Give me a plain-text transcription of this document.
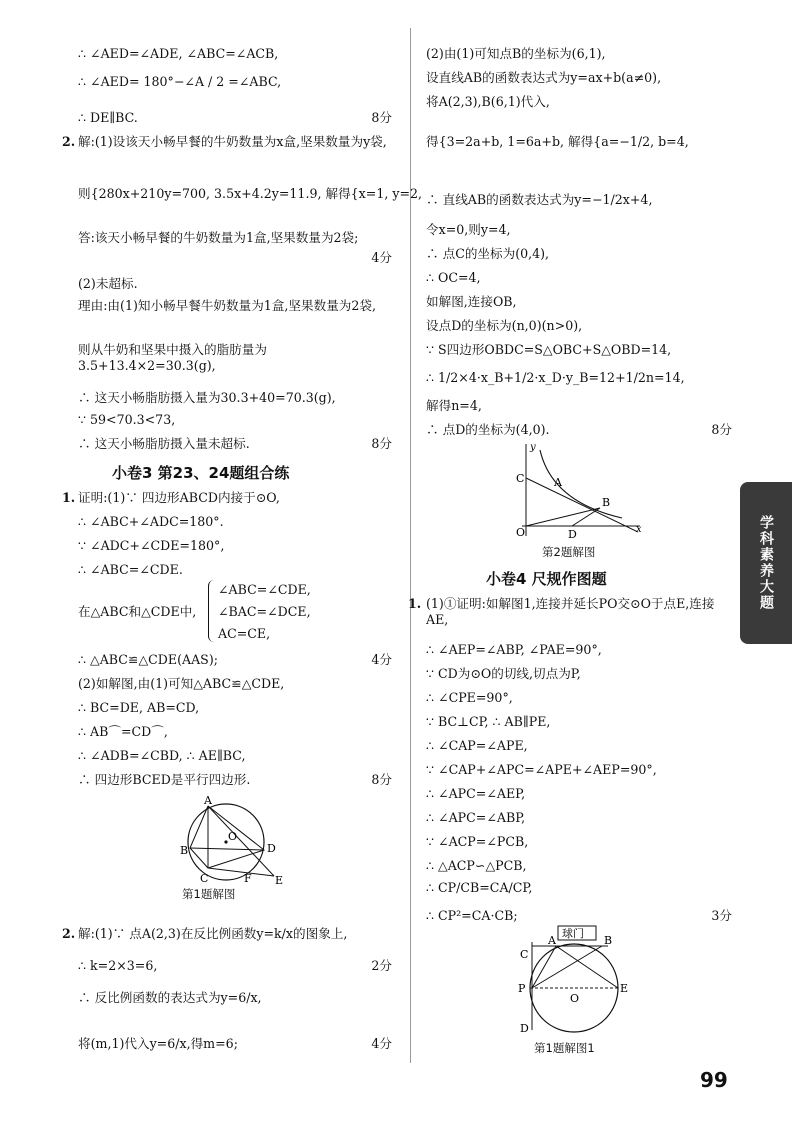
∴ ∠AED=∠ADE, ∠ABC=∠ACB,
∴ ∠AED= 180°−∠A / 2 =∠ABC,
∴ DE∥BC.	8分
2. 解:(1)设该天小畅早餐的牛奶数量为x盒,坚果数量为y袋,
则{280x+210y=700, 3.5x+4.2y=11.9, 解得{x=1, y=2,
答:该天小畅早餐的牛奶数量为1盒,坚果数量为2袋;
4分
(2)未超标.
理由:由(1)知小畅早餐牛奶数量为1盒,坚果数量为2袋,
则从牛奶和坚果中摄入的脂肪量为3.5+13.4×2=30.3(g),
∴ 这天小畅脂肪摄入量为30.3+40=70.3(g),
∵ 59<70.3<73,
∴ 这天小畅脂肪摄入量未超标.	8分
小卷3 第23、24题组合练
1. 证明:(1)∵ 四边形ABCD内接于⊙O,
∴ ∠ABC+∠ADC=180°.
∵ ∠ADC+∠CDE=180°,
∴ ∠ABC=∠CDE.
在△ABC和△CDE中,
∠ABC=∠CDE,
∠BAC=∠DCE,
AC=CE,
∴ △ABC≌△CDE(AAS);	4分
(2)如解图,由(1)可知△ABC≌△CDE,
∴ BC=DE, AB=CD,
∴ AB⌒=CD⌒,
∴ ∠ADB=∠CBD, ∴ AE∥BC,
∴ 四边形BCED是平行四边形.	8分
A
B
C
D
E
F
O
第1题解图
2. 解:(1)∵ 点A(2,3)在反比例函数y=k/x的图象上,
∴ k=2×3=6,	2分
∴ 反比例函数的表达式为y=6/x,
将(m,1)代入y=6/x,得m=6;	4分
(2)由(1)可知点B的坐标为(6,1),
设直线AB的函数表达式为y=ax+b(a≠0),
将A(2,3),B(6,1)代入,
得{3=2a+b, 1=6a+b, 解得{a=−1/2, b=4,
∴ 直线AB的函数表达式为y=−1/2x+4,
令x=0,则y=4,
∴ 点C的坐标为(0,4),
∴ OC=4,
如解图,连接OB,
设点D的坐标为(n,0)(n>0),
∵ S四边形OBDC=S△OBC+S△OBD=14,
∴ 1/2×4·x_B+1/2·x_D·y_B=12+1/2n=14,
解得n=4,
∴ 点D的坐标为(4,0).	8分
y
x
A
B
C
D
O
第2题解图
小卷4 尺规作图题
1. (1)①证明:如解图1,连接并延长PO交⊙O于点E,连接AE,
∴ ∠AEP=∠ABP, ∠PAE=90°,
∵ CD为⊙O的切线,切点为P,
∴ ∠CPE=90°,
∵ BC⊥CP, ∴ AB∥PE,
∴ ∠CAP=∠APE,
∵ ∠CAP+∠APC=∠APE+∠AEP=90°,
∴ ∠APC=∠AEP,
∴ ∠APC=∠ABP,
∵ ∠ACP=∠PCB,
∴ △ACP∽△PCB,
∴ CP/CB=CA/CP,
∴ CP²=CA·CB;	3分
球门
A	B
C
P	E
D
O
第1题解图1
学科素养大题
99
